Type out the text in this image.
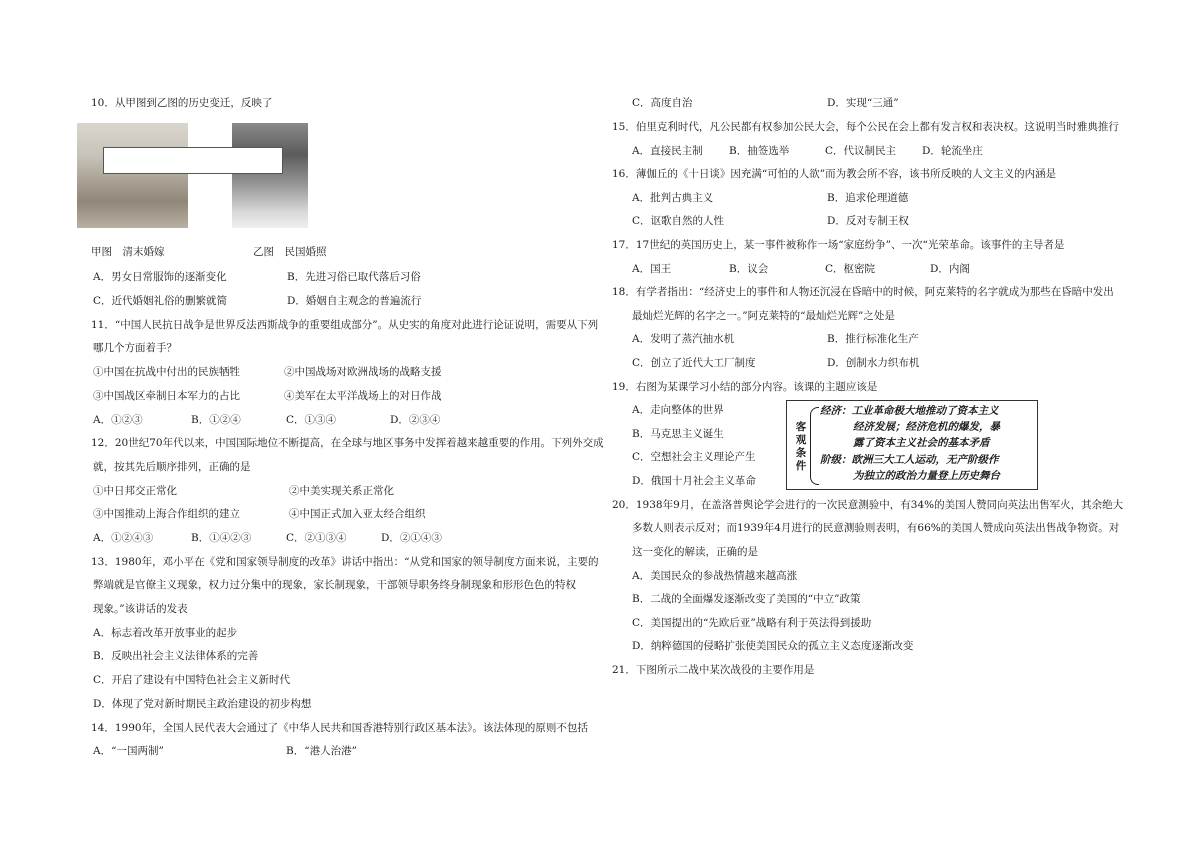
10．从甲图到乙图的历史变迁，反映了
甲图　清末婚嫁	乙图　民国婚照
A．男女日常服饰的逐渐变化	B．先进习俗已取代落后习俗
C．近代婚姻礼俗的删繁就简	D．婚姻自主观念的普遍流行
11．“中国人民抗日战争是世界反法西斯战争的重要组成部分”。从史实的角度对此进行论证说明，需要从下列
哪几个方面着手？
①中国在抗战中付出的民族牺牲	②中国战场对欧洲战场的战略支援
③中国战区牵制日本军力的占比	④美军在太平洋战场上的对日作战
A．①②③	B．①②④	C．①③④	D．②③④
12．20世纪70年代以来，中国国际地位不断提高，在全球与地区事务中发挥着越来越重要的作用。下列外交成
就，按其先后顺序排列，正确的是
①中日邦交正常化	②中美实现关系正常化
③中国推动上海合作组织的建立	④中国正式加入亚太经合组织
A．①②④③	B．①④②③	C．②①③④	D．②①④③
13．1980年，邓小平在《党和国家领导制度的改革》讲话中指出：“从党和国家的领导制度方面来说，主要的
弊端就是官僚主义现象，权力过分集中的现象，家长制现象，干部领导职务终身制现象和形形色色的特权
现象。”该讲话的发表
A．标志着改革开放事业的起步
B．反映出社会主义法律体系的完善
C．开启了建设有中国特色社会主义新时代
D．体现了党对新时期民主政治建设的初步构想
14．1990年，全国人民代表大会通过了《中华人民共和国香港特别行政区基本法》。该法体现的原则不包括
A．“一国两制”	B．“港人治港”
C．高度自治	D．实现“三通”
15．伯里克利时代，凡公民都有权参加公民大会，每个公民在会上都有发言权和表决权。这说明当时雅典推行
A．直接民主制	B．抽签选举	C．代议制民主 D．轮流坐庄
16．薄伽丘的《十日谈》因充满“可怕的人欲”而为教会所不容，该书所反映的人文主义的内涵是
A．批判古典主义	B．追求伦理道德
C．讴歌自然的人性	D．反对专制王权
17．17世纪的英国历史上，某一事件被称作一场“家庭纷争”、一次“光荣革命。该事件的主导者是
A．国王	B．议会	C．枢密院	D．内阁
18．有学者指出：“经济史上的事件和人物还沉浸在昏暗中的时候，阿克莱特的名字就成为那些在昏暗中发出
最灿烂光辉的名字之一。”阿克莱特的“最灿烂光辉”之处是
A．发明了蒸汽抽水机	B．推行标准化生产
C．创立了近代大工厂制度	D．创制水力织布机
19．右图为某课学习小结的部分内容。该课的主题应该是
A．走向整体的世界
B．马克思主义诞生
C．空想社会主义理论产生
D．俄国十月社会主义革命
客观条件
经济：工业革命极大地推动了资本主义
经济发展；经济危机的爆发，暴
露了资本主义社会的基本矛盾
阶级：欧洲三大工人运动，无产阶级作
为独立的政治力量登上历史舞台
20．1938年9月，在盖洛普舆论学会进行的一次民意测验中，有34%的美国人赞同向英法出售军火，其余绝大
多数人则表示反对；而1939年4月进行的民意测验则表明，有66%的美国人赞成向英法出售战争物资。对
这一变化的解读，正确的是
A．美国民众的参战热情越来越高涨
B．二战的全面爆发逐渐改变了美国的“中立”政策
C．美国提出的“先欧后亚”战略有利于英法得到援助
D．纳粹德国的侵略扩张使美国民众的孤立主义态度逐渐改变
21．下图所示二战中某次战役的主要作用是
